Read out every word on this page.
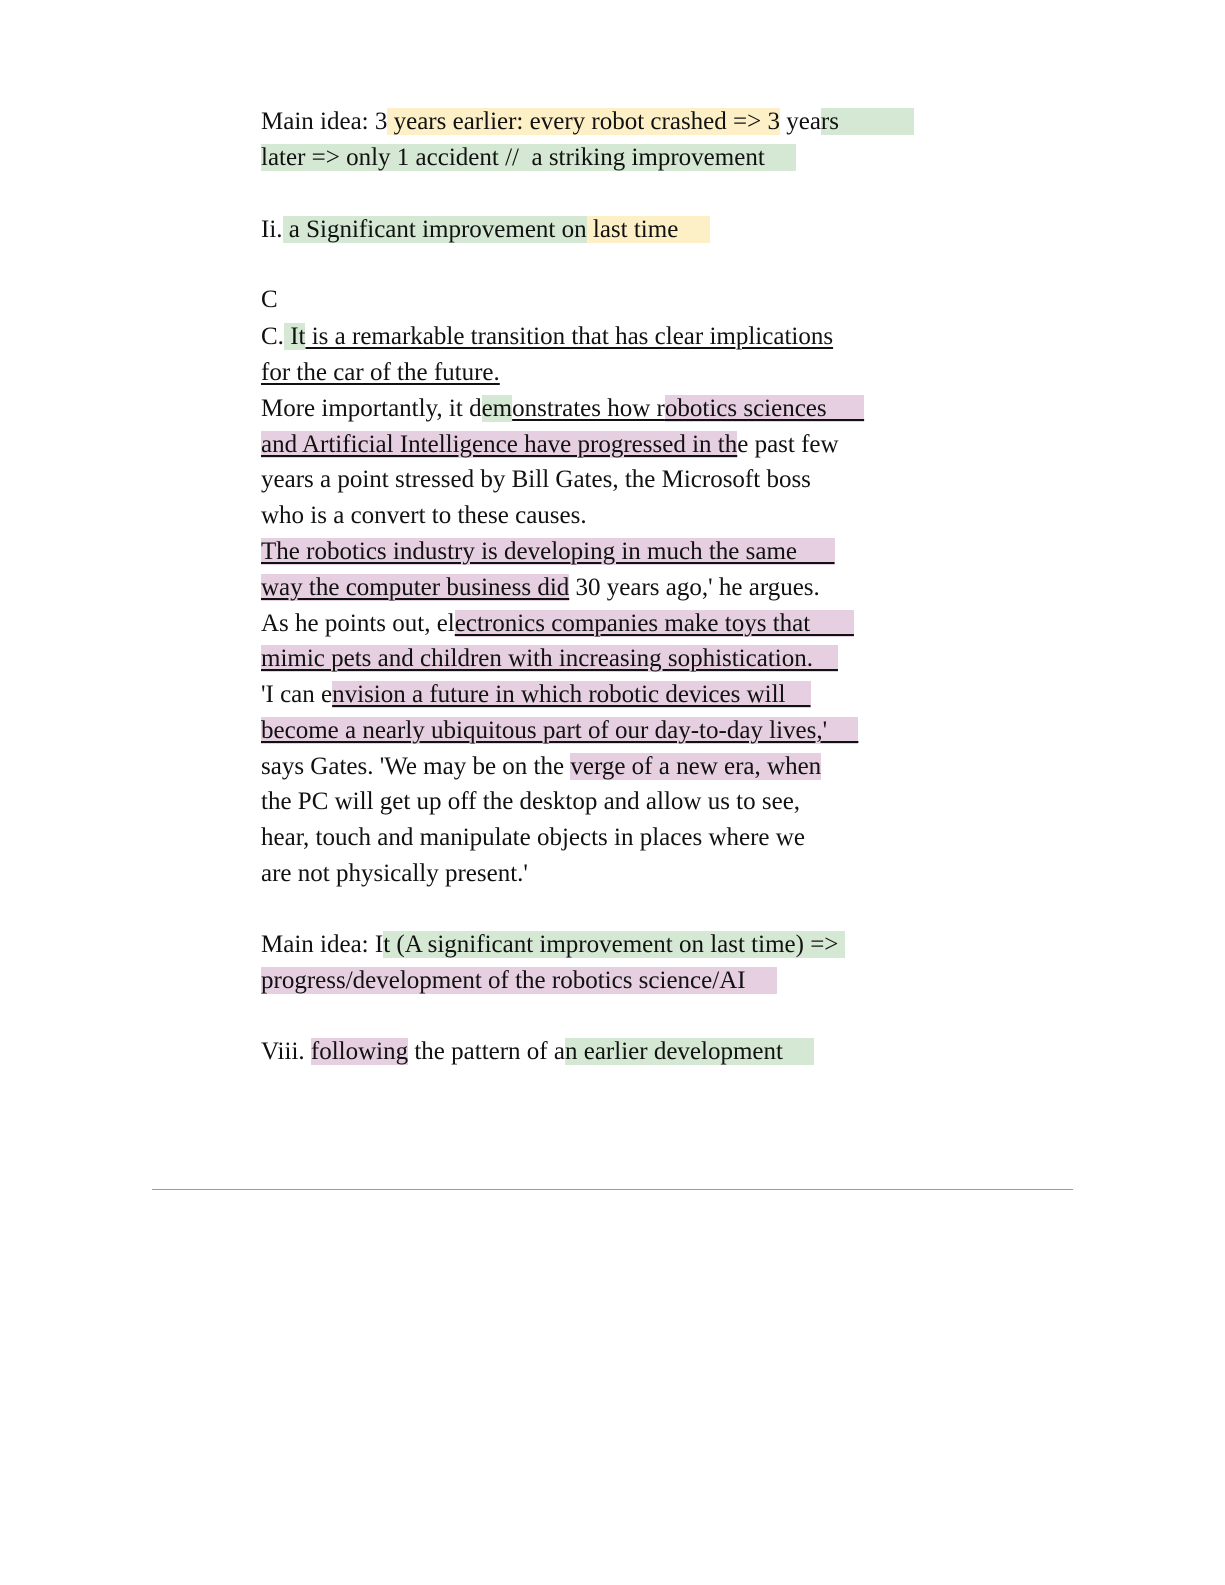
Main idea: 3 years earlier: every robot crashed => 3 years
later => only 1 accident //  a striking improvement
Ii. a Significant improvement on last time
C
C. It is a remarkable transition that has clear implications
for the car of the future.
More importantly, it demonstrates how robotics sciences
and Artificial Intelligence have progressed in the past few
years a point stressed by Bill Gates, the Microsoft boss
who is a convert to these causes.
The robotics industry is developing in much the same
way the computer business did 30 years ago,' he argues.
As he points out, electronics companies make toys that
mimic pets and children with increasing sophistication.
'I can envision a future in which robotic devices will
become a nearly ubiquitous part of our day-to-day lives,'
says Gates. 'We may be on the verge of a new era, when
the PC will get up off the desktop and allow us to see,
hear, touch and manipulate objects in places where we
are not physically present.'
Main idea: It (A significant improvement on last time) =>
progress/development of the robotics science/AI
Viii. following the pattern of an earlier development
